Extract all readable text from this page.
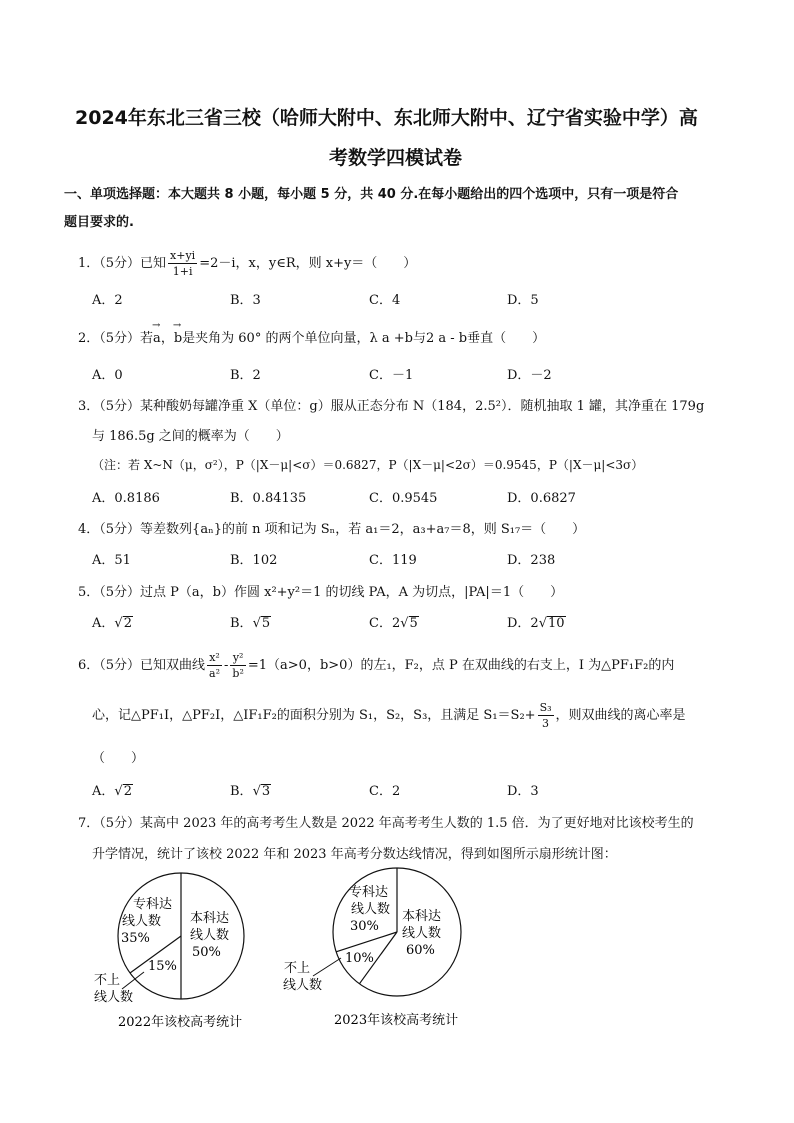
2024年东北三省三校（哈师大附中、东北师大附中、辽宁省实验中学）高
考数学四模试卷
一、单项选择题：本大题共 8 小题，每小题 5 分，共 40 分.在每小题给出的四个选项中，只有一项是符合
题目要求的.
1．（5分）已知 $\frac{x+yi}{1+i} =2-i$，x，y∈R，则 x+y＝（　　）
A．2	B．3	C．4	D．5
2．（5分）若→ a，→ b是夹角为 60° 的两个单位向量，λ a +b与2 a - b垂直（　　）
A．0	B．2	C．－1	D．－2
3．（5分）某种酸奶每罐净重 X（单位：g）服从正态分布 N（184，2.5²）．随机抽取 1 罐，其净重在 179g
与 186.5g 之间的概率为（　　）
（注：若 X~N（μ，σ²），P（|X－μ|<σ）＝0.6827，P（|X－μ|<2σ）＝0.9545，P（|X－μ|<3σ）
A．0.8186	B．0.84135	C．0.9545	D．0.6827
4．（5分）等差数列{aₙ}的前 n 项和记为 Sₙ，若 a₁＝2，a₃+a₇＝8，则 S₁₇＝（　　）
A．51	B．102	C．119	D．238
5．（5分）过点 P（a，b）作圆 x²+y²＝1 的切线 PA，A 为切点，|PA|＝1（　　）
A．√2	B．√5	C．2√5	D．2√10
6．（5分）已知双曲线 $\frac{\text{x²}}{\text{a²}} - \frac{\text{y²}}{\text{b²}} =1(a>0$，b>0）的左₁，F₂，点 P 在双曲线的右支上，I 为△PF₁F₂的内
心，记△PF₁I，△PF₂I，△IF₁F₂的面积分别为 S₁，S₂，S₃，且满足 $S_1=S_2+ \frac{\text{S₃}}{3}$ ，则双曲线的离心率是
（　　）
A．√2	B．√3	C．2	D．3
7．（5分）某高中 2023 年的高考考生人数是 2022 年高考考生人数的 1.5 倍．为了更好地对比该校考生的
升学情况，统计了该校 2022 年和 2023 年高考分数达线情况，得到如图所示扇形统计图：
本科达
线人数
50%
专科达
线人数
35%
15%
不上
线人数
2022年该校高考统计
本科达
线人数
60%
专科达
线人数
30%
10%
不上
线人数
2023年该校高考统计
